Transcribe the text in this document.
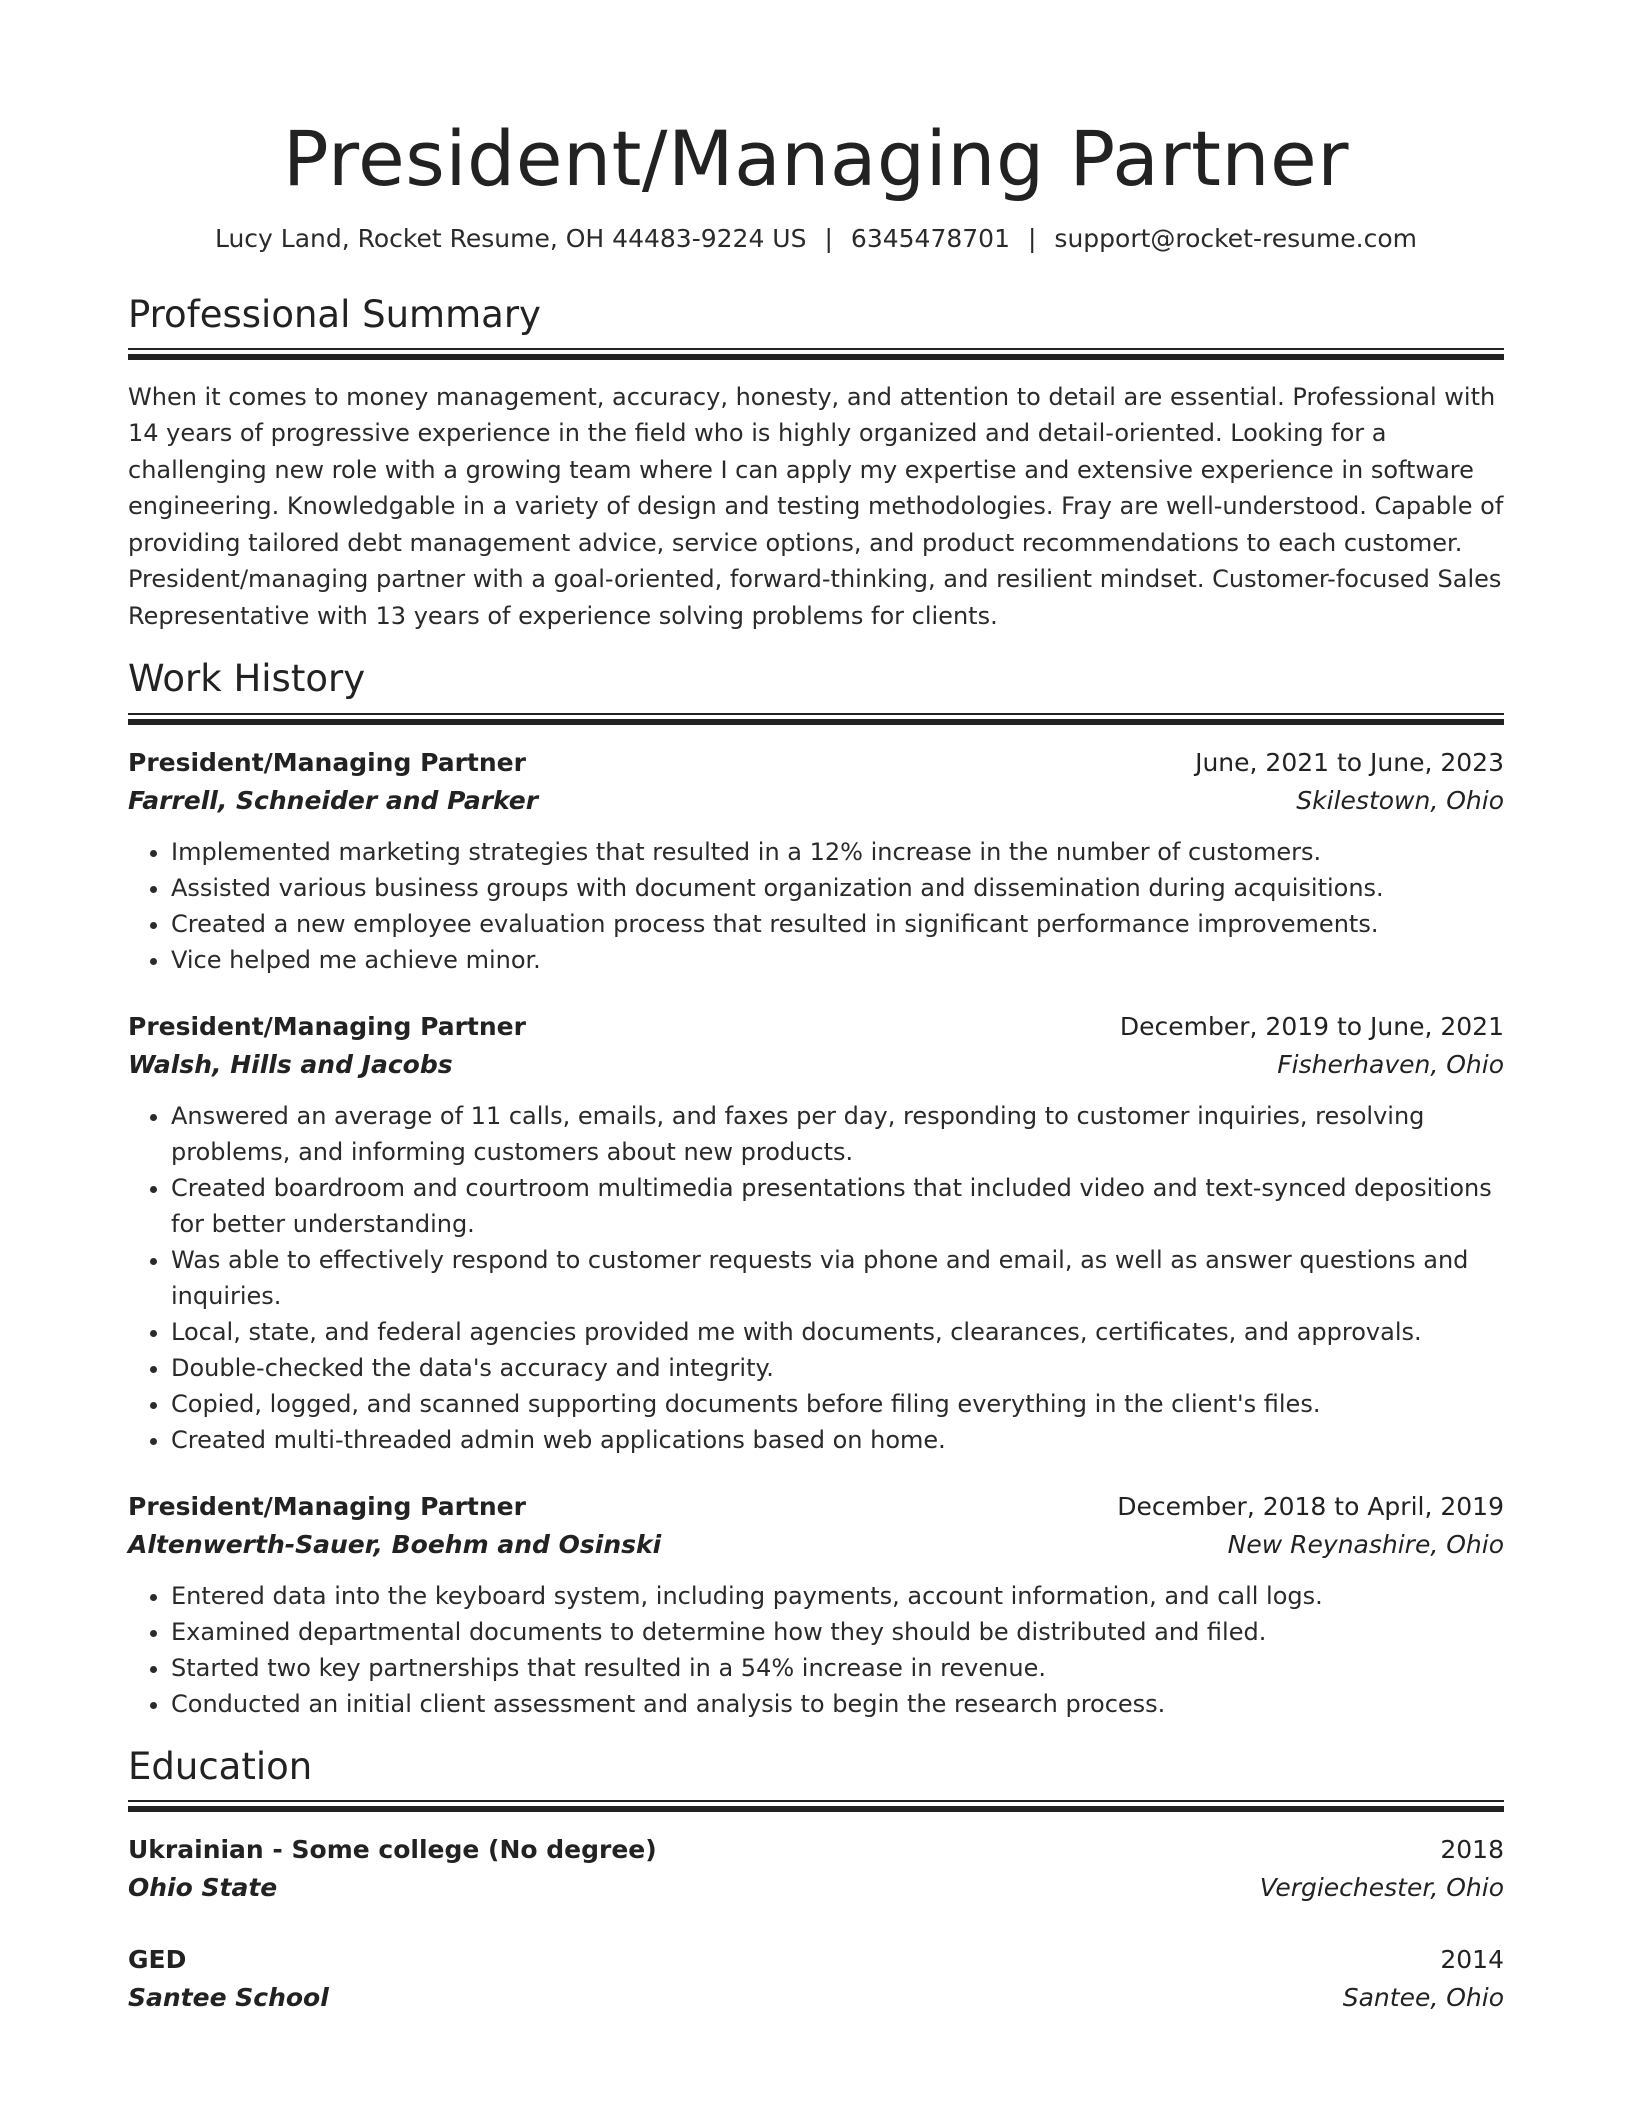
President/Managing Partner
Lucy Land, Rocket Resume, OH 44483-9224 US | 6345478701 | support@rocket-resume.com
Professional Summary
When it comes to money management, accuracy, honesty, and attention to detail are essential. Professional with 14 years of progressive experience in the field who is highly organized and detail-oriented. Looking for a challenging new role with a growing team where I can apply my expertise and extensive experience in software engineering. Knowledgable in a variety of design and testing methodologies. Fray are well-understood. Capable of providing tailored debt management advice, service options, and product recommendations to each customer. President/managing partner with a goal-oriented, forward-thinking, and resilient mindset. Customer-focused Sales Representative with 13 years of experience solving problems for clients.
Work History
President/Managing Partner	June, 2021 to June, 2023
Farrell, Schneider and Parker	Skilestown, Ohio
• Implemented marketing strategies that resulted in a 12% increase in the number of customers.
• Assisted various business groups with document organization and dissemination during acquisitions.
• Created a new employee evaluation process that resulted in significant performance improvements.
• Vice helped me achieve minor.
President/Managing Partner	December, 2019 to June, 2021
Walsh, Hills and Jacobs	Fisherhaven, Ohio
• Answered an average of 11 calls, emails, and faxes per day, responding to customer inquiries, resolving problems, and informing customers about new products.
• Created boardroom and courtroom multimedia presentations that included video and text-synced depositions for better understanding.
• Was able to effectively respond to customer requests via phone and email, as well as answer questions and inquiries.
• Local, state, and federal agencies provided me with documents, clearances, certificates, and approvals.
• Double-checked the data's accuracy and integrity.
• Copied, logged, and scanned supporting documents before filing everything in the client's files.
• Created multi-threaded admin web applications based on home.
President/Managing Partner	December, 2018 to April, 2019
Altenwerth-Sauer, Boehm and Osinski	New Reynashire, Ohio
• Entered data into the keyboard system, including payments, account information, and call logs.
• Examined departmental documents to determine how they should be distributed and filed.
• Started two key partnerships that resulted in a 54% increase in revenue.
• Conducted an initial client assessment and analysis to begin the research process.
Education
Ukrainian - Some college (No degree)	2018
Ohio State	Vergiechester, Ohio
GED	2014
Santee School	Santee, Ohio
